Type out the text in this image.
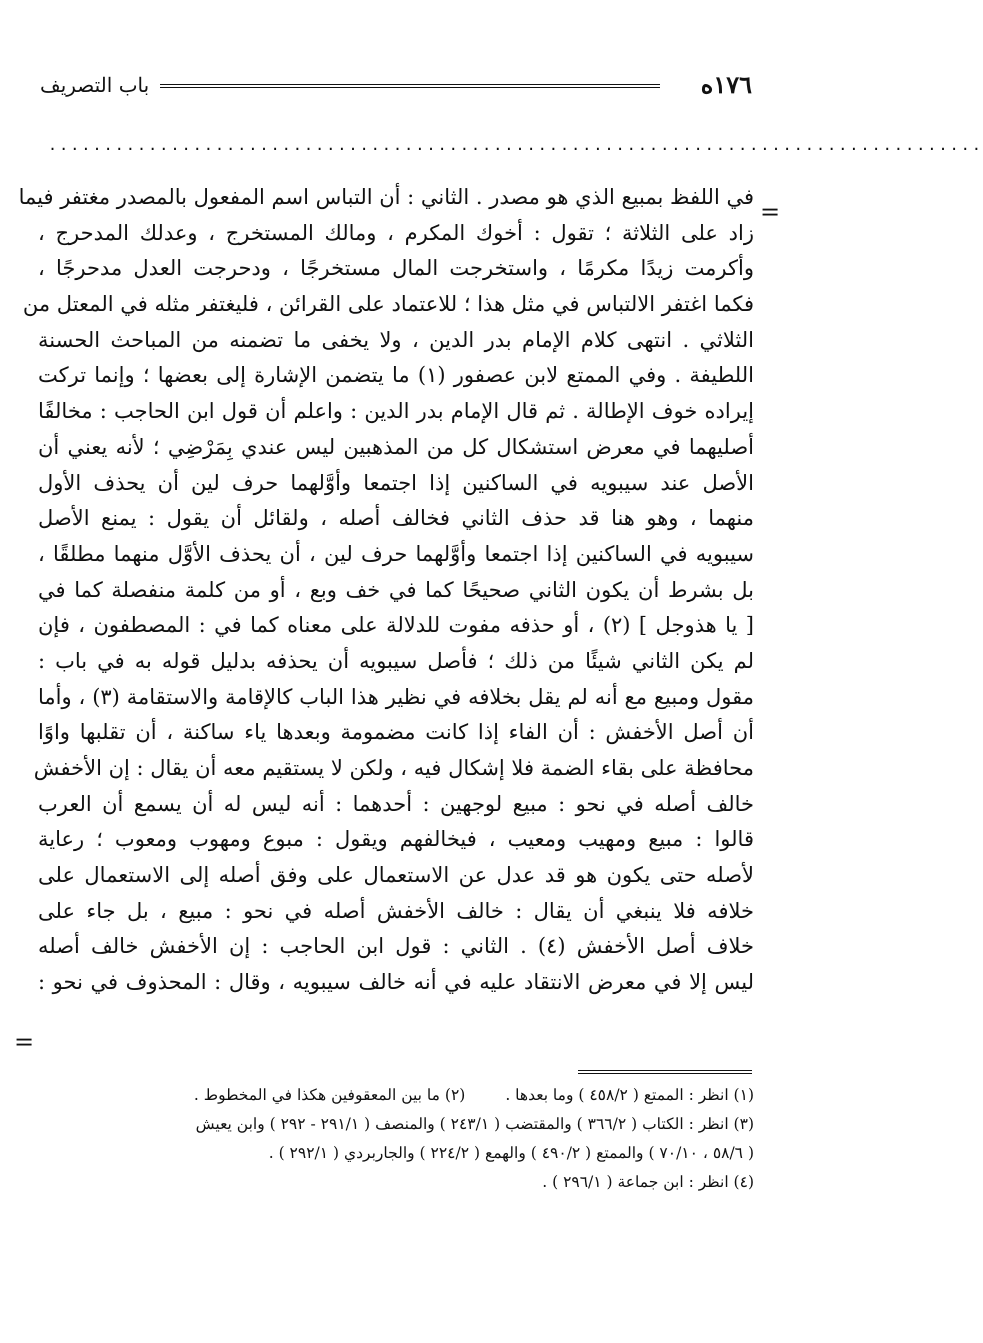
١٧٦ه
باب التصريف
....................................................................................
=
في اللفظ بمبيع الذي هو مصدر . الثاني : أن التباس اسم المفعول بالمصدر مغتفر فيما
زاد على الثلاثة ؛ تقول : أخوك المكرم ، ومالك المستخرج ، وعدلك المدحرج ،
وأكرمت زيدًا مكرمًا ، واستخرجت المال مستخرجًا ، ودحرجت العدل مدحرجًا ،
فكما اغتفر الالتباس في مثل هذا ؛ للاعتماد على القرائن ، فليغتفر مثله في المعتل من
الثلاثي . انتهى كلام الإمام بدر الدين ، ولا يخفى ما تضمنه من المباحث الحسنة
اللطيفة . وفي الممتع لابن عصفور (١) ما يتضمن الإشارة إلى بعضها ؛ وإنما تركت
إيراده خوف الإطالة . ثم قال الإمام بدر الدين : واعلم أن قول ابن الحاجب : مخالفًا
أصليهما في معرض استشكال كل من المذهبين ليس عندي بِمَرْضِي ؛ لأنه يعني أن
الأصل عند سيبويه في الساكنين إذا اجتمعا وأوَّلهما حرف لين أن يحذف الأول
منهما ، وهو هنا قد حذف الثاني فخالف أصله ، ولقائل أن يقول : يمنع الأصل
سيبويه في الساكنين إذا اجتمعا وأوَّلهما حرف لين ، أن يحذف الأوَّل منهما مطلقًا ،
بل بشرط أن يكون الثاني صحيحًا كما في خف وبع ، أو من كلمة منفصلة كما في
[ يا هذوجل ] (٢) ، أو حذفه مفوت للدلالة على معناه كما في : المصطفون ، فإن
لم يكن الثاني شيئًا من ذلك ؛ فأصل سيبويه أن يحذفه بدليل قوله به في باب :
مقول ومبيع مع أنه لم يقل بخلافه في نظير هذا الباب كالإقامة والاستقامة (٣) ، وأما
أن أصل الأخفش : أن الفاء إذا كانت مضمومة وبعدها ياء ساكنة ، أن تقلبها واوًا
محافظة على بقاء الضمة فلا إشكال فيه ، ولكن لا يستقيم معه أن يقال : إن الأخفش
خالف أصله في نحو : مبيع لوجهين : أحدهما : أنه ليس له أن يسمع أن العرب
قالوا : مبيع ومهيب ومعيب ، فيخالفهم ويقول : مبوع ومهوب ومعوب ؛ رعاية
لأصله حتى يكون هو قد عدل عن الاستعمال على وفق أصله إلى الاستعمال على
خلافه فلا ينبغي أن يقال : خالف الأخفش أصله في نحو : مبيع ، بل جاء على
خلاف أصل الأخفش (٤) . الثاني : قول ابن الحاجب : إن الأخفش خالف أصله
ليس إلا في معرض الانتقاد عليه في أنه خالف سيبويه ، وقال : المحذوف في نحو :
=
(١) انظر : الممتع ( ٤٥٨/٢ ) وما بعدها .
(٢) ما بين المعقوفين هكذا في المخطوط .
(٣) انظر : الكتاب ( ٣٦٦/٢ ) والمقتضب ( ٢٤٣/١ ) والمنصف ( ٢٩١/١ - ٢٩٢ ) وابن يعيش
( ٥٨/٦ ، ٧٠/١٠ ) والممتع ( ٤٩٠/٢ ) والهمع ( ٢٢٤/٢ ) والجاربردي ( ٢٩٢/١ ) .
(٤) انظر : ابن جماعة ( ٢٩٦/١ ) .
